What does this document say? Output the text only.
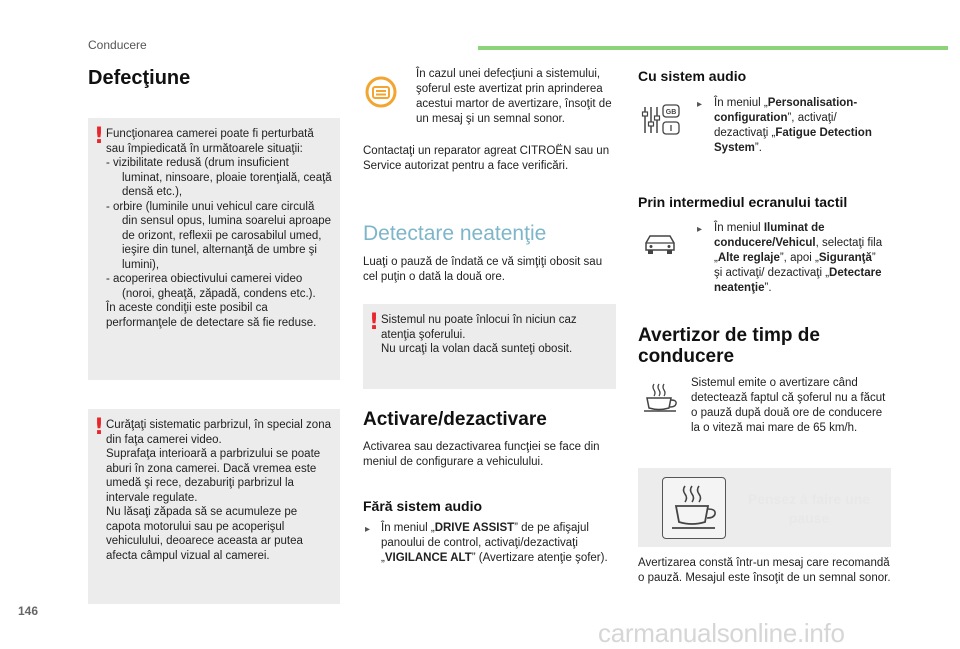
Conducere
Defecţiune
! Funcţionarea camerei poate fi perturbată
sau împiedicată în următoarele situaţii:
- vizibilitate redusă (drum insuficient luminat, ninsoare, ploaie torenţială, ceaţă densă etc.),
- orbire (luminile unui vehicul care circulă din sensul opus, lumina soarelui aproape de orizont, reflexii pe carosabilul umed, ieşire din tunel, alternanţă de umbre şi lumini),
- acoperirea obiectivului camerei video (noroi, gheaţă, zăpadă, condens etc.).
În aceste condiţii este posibil ca performanţele de detectare să fie reduse.
! Curăţaţi sistematic parbrizul, în special zona din faţa camerei video.
Suprafaţa interioară a parbrizului se poate aburi în zona camerei. Dacă vremea este umedă şi rece, dezaburiţi parbrizul la intervale regulate.
Nu lăsaţi zăpada să se acumuleze pe capota motorului sau pe acoperişul vehiculului, deoarece aceasta ar putea afecta câmpul vizual al camerei.
În cazul unei defecţiuni a sistemului, şoferul este avertizat prin aprinderea acestui martor de avertizare, însoţit de un mesaj şi un semnal sonor.
Contactaţi un reparator agreat CITROËN sau un Service autorizat pentru a face verificări.
Detectare neatenţie
Luaţi o pauză de îndată ce vă simţiţi obosit sau cel puţin o dată la două ore.
! Sistemul nu poate înlocui în niciun caz atenţia şoferului.
Nu urcaţi la volan dacă sunteţi obosit.
Activare/dezactivare
Activarea sau dezactivarea funcţiei se face din meniul de configurare a vehiculului.
Fără sistem audio
▸ În meniul „DRIVE ASSIST” de pe afişajul panoului de control, activaţi/dezactivaţi „VIGILANCE ALT” (Avertizare atenţie şofer).
Cu sistem audio
GB
▸ În meniul „Personalisation-configuration”, activaţi/ dezactivaţi „Fatigue Detection System”.
Prin intermediul ecranului tactil
▸ În meniul Iluminat de conducere/Vehicul, selectaţi fila „Alte reglaje”, apoi „Siguranţă” şi activaţi/ dezactivaţi „Detectare neatenţie”.
Avertizor de timp de
conducere
Sistemul emite o avertizare când detectează faptul că şoferul nu a făcut o pauză după două ore de conducere la o viteză mai mare de 65 km/h.
Pensez à faire une pause
Avertizarea constă într-un mesaj care recomandă o pauză. Mesajul este însoţit de un semnal sonor.
146
carmanualsonline.info
